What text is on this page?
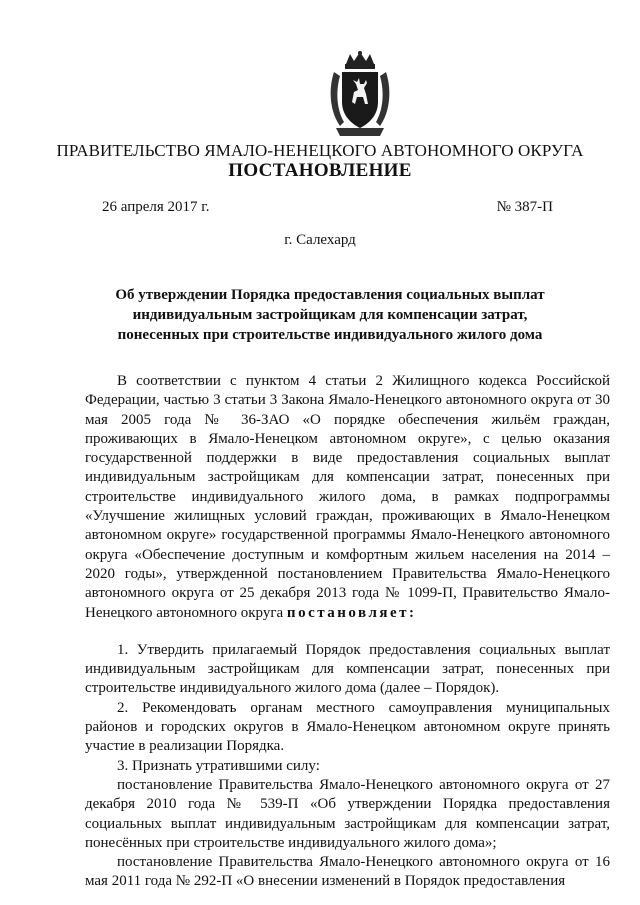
ПРАВИТЕЛЬСТВО ЯМАЛО-НЕНЕЦКОГО АВТОНОМНОГО ОКРУГА
ПОСТАНОВЛЕНИЕ
26 апреля 2017 г.	№ 387-П
г. Салехард
Об утверждении Порядка предоставления социальных выплат
индивидуальным застройщикам для компенсации затрат,
понесенных при строительстве индивидуального жилого дома

В соответствии с пунктом 4 статьи 2 Жилищного кодекса Российской Федерации, частью 3 статьи 3 Закона Ямало-Ненецкого автономного округа от 30 мая 2005 года № 36-ЗАО «О порядке обеспечения жильём граждан, проживающих в Ямало-Ненецком автономном округе», с целью оказания государственной поддержки в виде предоставления социальных выплат индивидуальным застройщикам для компенсации затрат, понесенных при строительстве индивидуального жилого дома, в рамках подпрограммы «Улучшение жилищных условий граждан, проживающих в Ямало-Ненецком автономном округе» государственной программы Ямало-Ненецкого автономного округа «Обеспечение доступным и комфортным жильем населения на 2014 – 2020 годы», утвержденной постановлением Правительства Ямало-Ненецкого автономного округа от 25 декабря 2013 года № 1099-П, Правительство Ямало-Ненецкого автономного округа постановляет:

1. Утвердить прилагаемый Порядок предоставления социальных выплат индивидуальным застройщикам для компенсации затрат, понесенных при строительстве индивидуального жилого дома (далее – Порядок).

2. Рекомендовать органам местного самоуправления муниципальных районов и городских округов в Ямало-Ненецком автономном округе принять участие в реализации Порядка.

3. Признать утратившими силу:

постановление Правительства Ямало-Ненецкого автономного округа от 27 декабря 2010 года № 539-П «Об утверждении Порядка предоставления социальных выплат индивидуальным застройщикам для компенсации затрат, понесённых при строительстве индивидуального жилого дома»;

постановление Правительства Ямало-Ненецкого автономного округа от 16 мая 2011 года № 292-П «О внесении изменений в Порядок предоставления
